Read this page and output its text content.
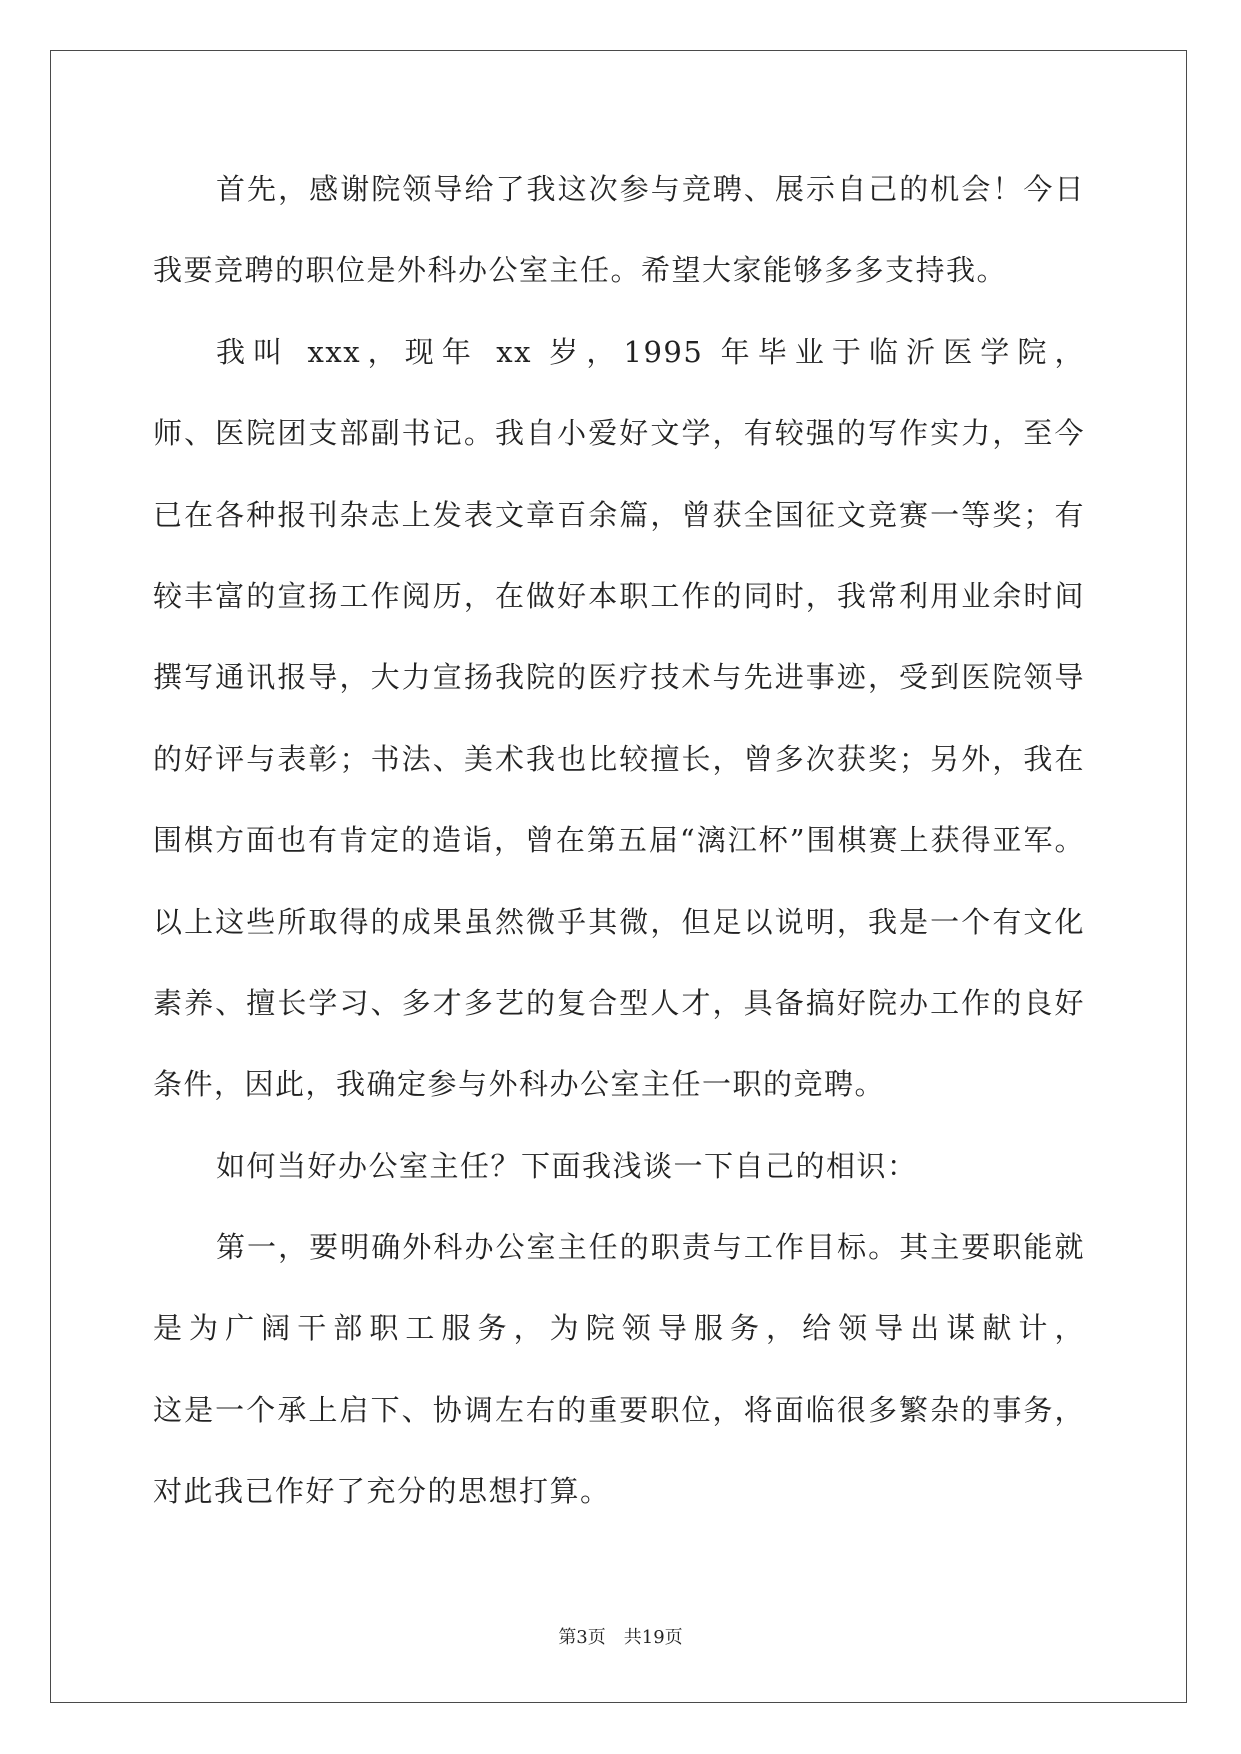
首先，感谢院领导给了我这次参与竞聘、展示自己的机会！今日
我要竞聘的职位是外科办公室主任。希望大家能够多多支持我。
我叫 xxx，现年 xx 岁，1995 年毕业于临沂医学院，
师、医院团支部副书记。我自小爱好文学，有较强的写作实力，至今
已在各种报刊杂志上发表文章百余篇，曾获全国征文竞赛一等奖；有
较丰富的宣扬工作阅历，在做好本职工作的同时，我常利用业余时间
撰写通讯报导，大力宣扬我院的医疗技术与先进事迹，受到医院领导
的好评与表彰；书法、美术我也比较擅长，曾多次获奖；另外，我在
围棋方面也有肯定的造诣，曾在第五届“漓江杯”围棋赛上获得亚军。
以上这些所取得的成果虽然微乎其微，但足以说明，我是一个有文化
素养、擅长学习、多才多艺的复合型人才，具备搞好院办工作的良好
条件，因此，我确定参与外科办公室主任一职的竞聘。
如何当好办公室主任？下面我浅谈一下自己的相识：
第一，要明确外科办公室主任的职责与工作目标。其主要职能就
是为广阔干部职工服务，为院领导服务，给领导出谋献计，
这是一个承上启下、协调左右的重要职位，将面临很多繁杂的事务，
对此我已作好了充分的思想打算。
第3页 共19页
